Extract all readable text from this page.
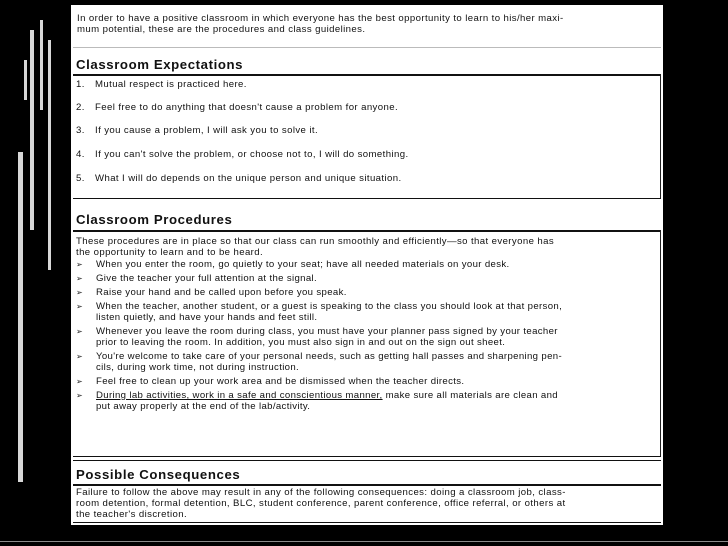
In order to have a positive classroom in which everyone has the best opportunity to learn to his/her maxi-
mum potential, these are the procedures and class guidelines.
Classroom Expectations
1. Mutual respect is practiced here.
2. Feel free to do anything that doesn't cause a problem for anyone.
3. If you cause a problem, I will ask you to solve it.
4. If you can't solve the problem, or choose not to, I will do something.
5. What I will do depends on the unique person and unique situation.
Classroom Procedures
These procedures are in place so that our class can run smoothly and efficiently—so that everyone has
the opportunity to learn and to be heard.
➢ When you enter the room, go quietly to your seat; have all needed materials on your desk.
➢ Give the teacher your full attention at the signal.
➢ Raise your hand and be called upon before you speak.
➢ When the teacher, another student, or a guest is speaking to the class you should look at that person,
listen quietly, and have your hands and feet still.
➢ Whenever you leave the room during class, you must have your planner pass signed by your teacher
prior to leaving the room. In addition, you must also sign in and out on the sign out sheet.
➢ You're welcome to take care of your personal needs, such as getting hall passes and sharpening pen-
cils, during work time, not during instruction.
➢ Feel free to clean up your work area and be dismissed when the teacher directs.
➢ During lab activities, work in a safe and conscientious manner, make sure all materials are clean and
put away properly at the end of the lab/activity.
Possible Consequences
Failure to follow the above may result in any of the following consequences: doing a classroom job, class-
room detention, formal detention, BLC, student conference, parent conference, office referral, or others at
the teacher's discretion.
